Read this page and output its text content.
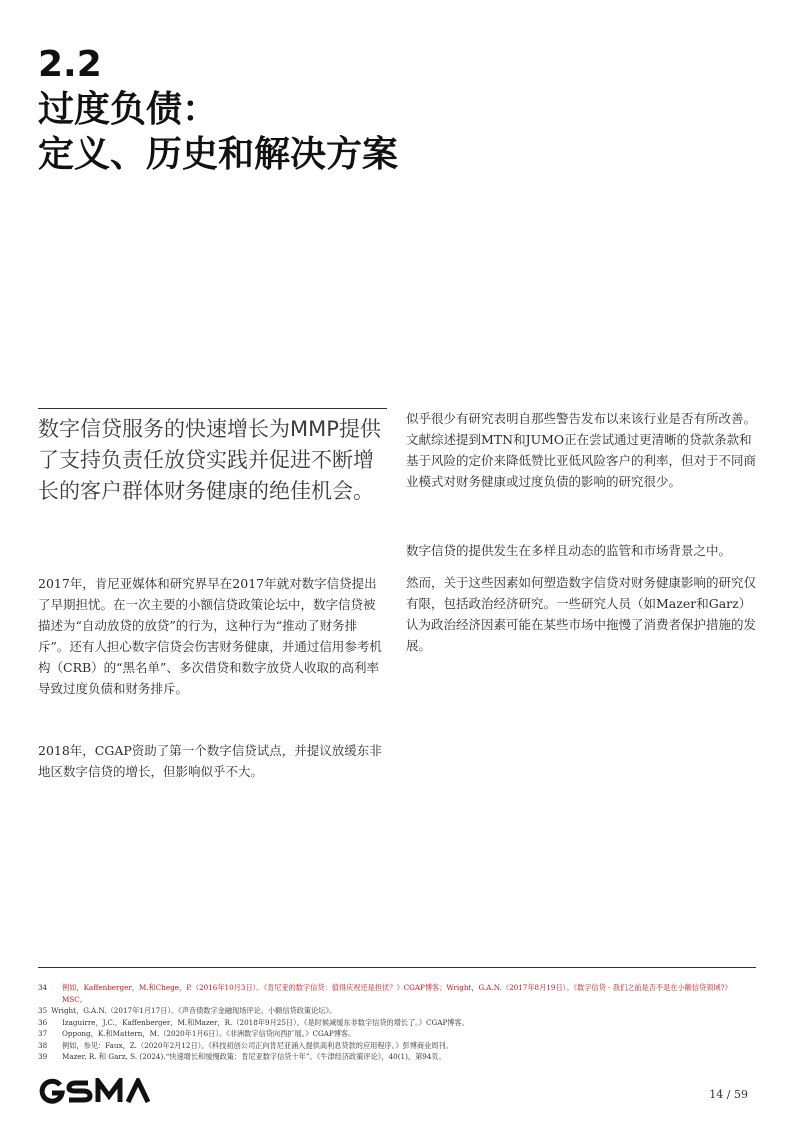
2.2
过度负债：
定义、历史和解决方案
数字信贷服务的快速增长为MMP提供了支持负责任放贷实践并促进不断增长的客户群体财务健康的绝佳机会。

2017年，肯尼亚媒体和研究界早在2017年就对数字信贷提出了早期担忧。在一次主要的小额信贷政策论坛中，数字信贷被描述为“自动放贷的放贷”的行为，这种行为“推动了财务排斥”。还有人担心数字信贷会伤害财务健康，并通过信用参考机构（CRB）的“黑名单”、多次借贷和数字放贷人收取的高利率导致过度负债和财务排斥。

2018年，CGAP资助了第一个数字信贷试点，并提议放缓东非地区数字信贷的增长，但影响似乎不大。

似乎很少有研究表明自那些警告发布以来该行业是否有所改善。文献综述提到MTN和JUMO正在尝试通过更清晰的贷款条款和基于风险的定价来降低赞比亚低风险客户的利率，但对于不同商业模式对财务健康或过度负债的影响的研究很少。

数字信贷的提供发生在多样且动态的监管和市场背景之中。

然而，关于这些因素如何塑造数字信贷对财务健康影响的研究仅有限，包括政治经济研究。一些研究人员（如Mazer和Garz）认为政治经济因素可能在某些市场中拖慢了消费者保护措施的发展。

34	例如，Kaffenberger，M.和Chege，P.（2016年10月3日）。《肯尼亚的数字信贷：值得庆祝还是担忧？》CGAP博客；Wright，G.A.N.（2017年8月19日）。《数字信贷 - 我们之前是否不是在小额信贷领域?》MSC。
35 Wright，G.A.N.（2017年1月17日）。《声音债数字金融现场评论。小额信贷政策论坛》。
36	Izaguirre，J.C.，Kaffenberger，M.和Mazer，R.（2018年9月25日）。《是时候减缓东非数字信贷的增长了。》CGAP博客。
37	Oppong，K.和Mattern，M.（2020年1月6日）。《非洲数字信贷向西扩展。》CGAP博客。
38	例如，参见：Faux，Z.（2020年2月12日）。《科技初创公司正向肯尼亚涌入提供高利息贷款的应用程序。》彭博商业周刊。
39	Mazer, R. 和 Garz, S. (2024).“快速增长和缓慢政策：肯尼亚数字信贷十年”。《牛津经济政策评论》，40(1)，第94页。
14 / 59
